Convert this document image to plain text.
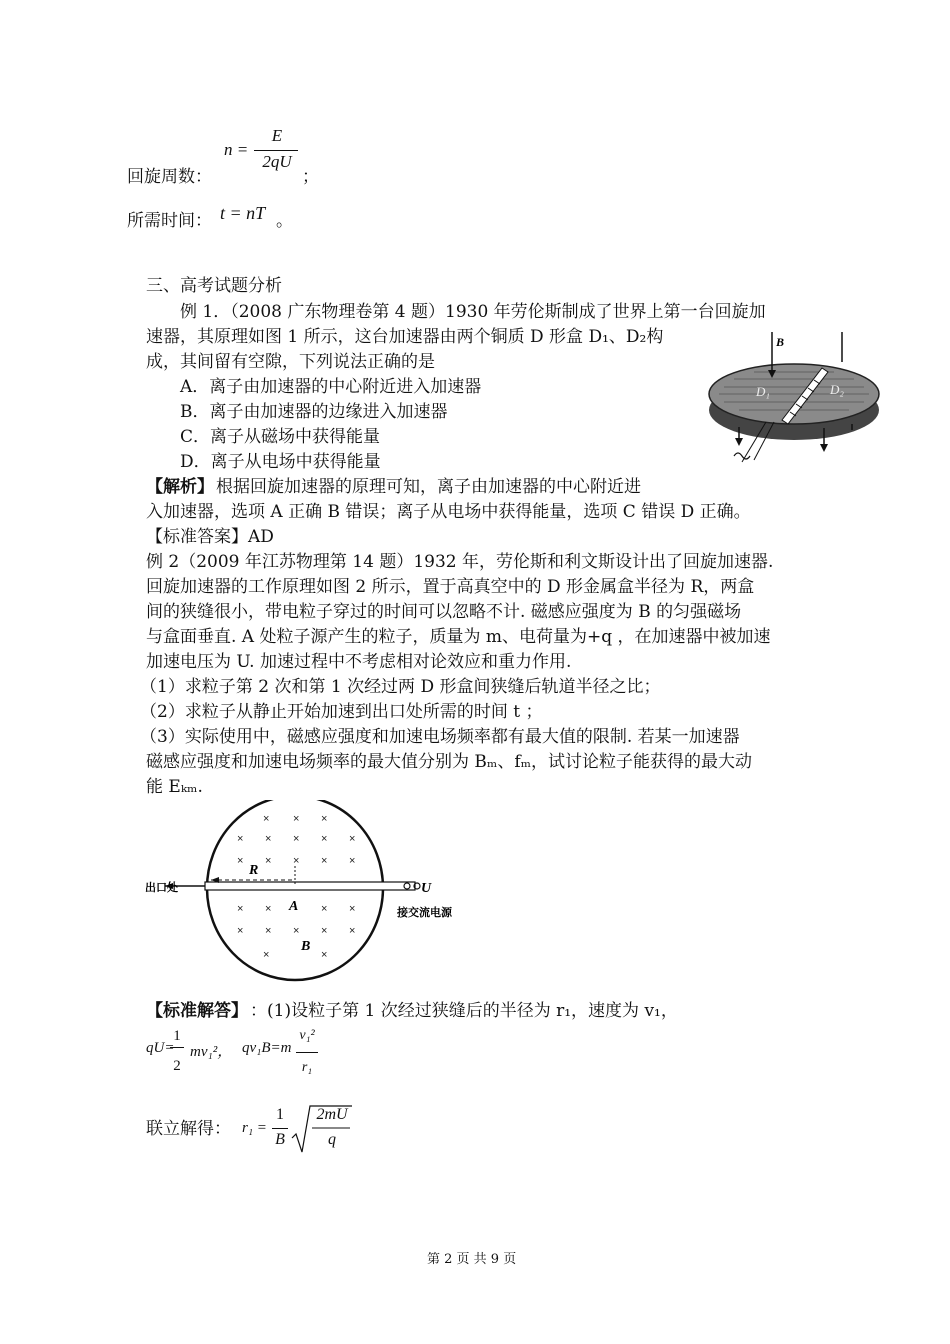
回旋周数：
n =
E
2qU
；
所需时间： t = nT 。
三、高考试题分析
例 1．（2008 广东物理卷第 4 题）1930 年劳伦斯制成了世界上第一台回旋加
速器，其原理如图 1 所示，这台加速器由两个铜质 D 形盒 D₁、D₂构
成，其间留有空隙，下列说法正确的是
A．离子由加速器的中心附近进入加速器
B．离子由加速器的边缘进入加速器
C．离子从磁场中获得能量
D．离子从电场中获得能量
【解析】 根据回旋加速器的原理可知，离子由加速器的中心附近进
入加速器，选项 A 正确 B 错误；离子从电场中获得能量，选项 C 错误 D 正确。
【标准答案】AD
B
D₁	D₂
例 2（2009 年江苏物理第 14 题）1932 年，劳伦斯和利文斯设计出了回旋加速器.
回旋加速器的工作原理如图 2 所示，置于高真空中的 D 形金属盒半径为 R，两盒
间的狭缝很小，带电粒子穿过的时间可以忽略不计. 磁感应强度为 B 的匀强磁场
与盒面垂直. A 处粒子源产生的粒子，质量为 m、电荷量为+q ，在加速器中被加速
加速电压为 U. 加速过程中不考虑相对论效应和重力作用.
（1）求粒子第 2 次和第 1 次经过两 D 形盒间狭缝后轨道半径之比；
（2）求粒子从静止开始加速到出口处所需的时间 t ；
（3）实际使用中，磁感应强度和加速电场频率都有最大值的限制. 若某一加速器
磁感应强度和加速电场频率的最大值分别为 Bₘ、fₘ，试讨论粒子能获得的最大动
能 Eₖₘ.
× × ×
× × × × ×
× × × × ×
× ×	× ×
× × × × ×
×	×
出口处
R
A
B
U
接交流电源
【标准解答】 ：(1)设粒子第 1 次经过狭缝后的半径为 r₁，速度为 v₁，
qU=
1
2
mv₁²， qv₁B=m
v₁²
r₁
联立解得： r₁ =
1
B
2mU
q
第 2 页 共 9 页
